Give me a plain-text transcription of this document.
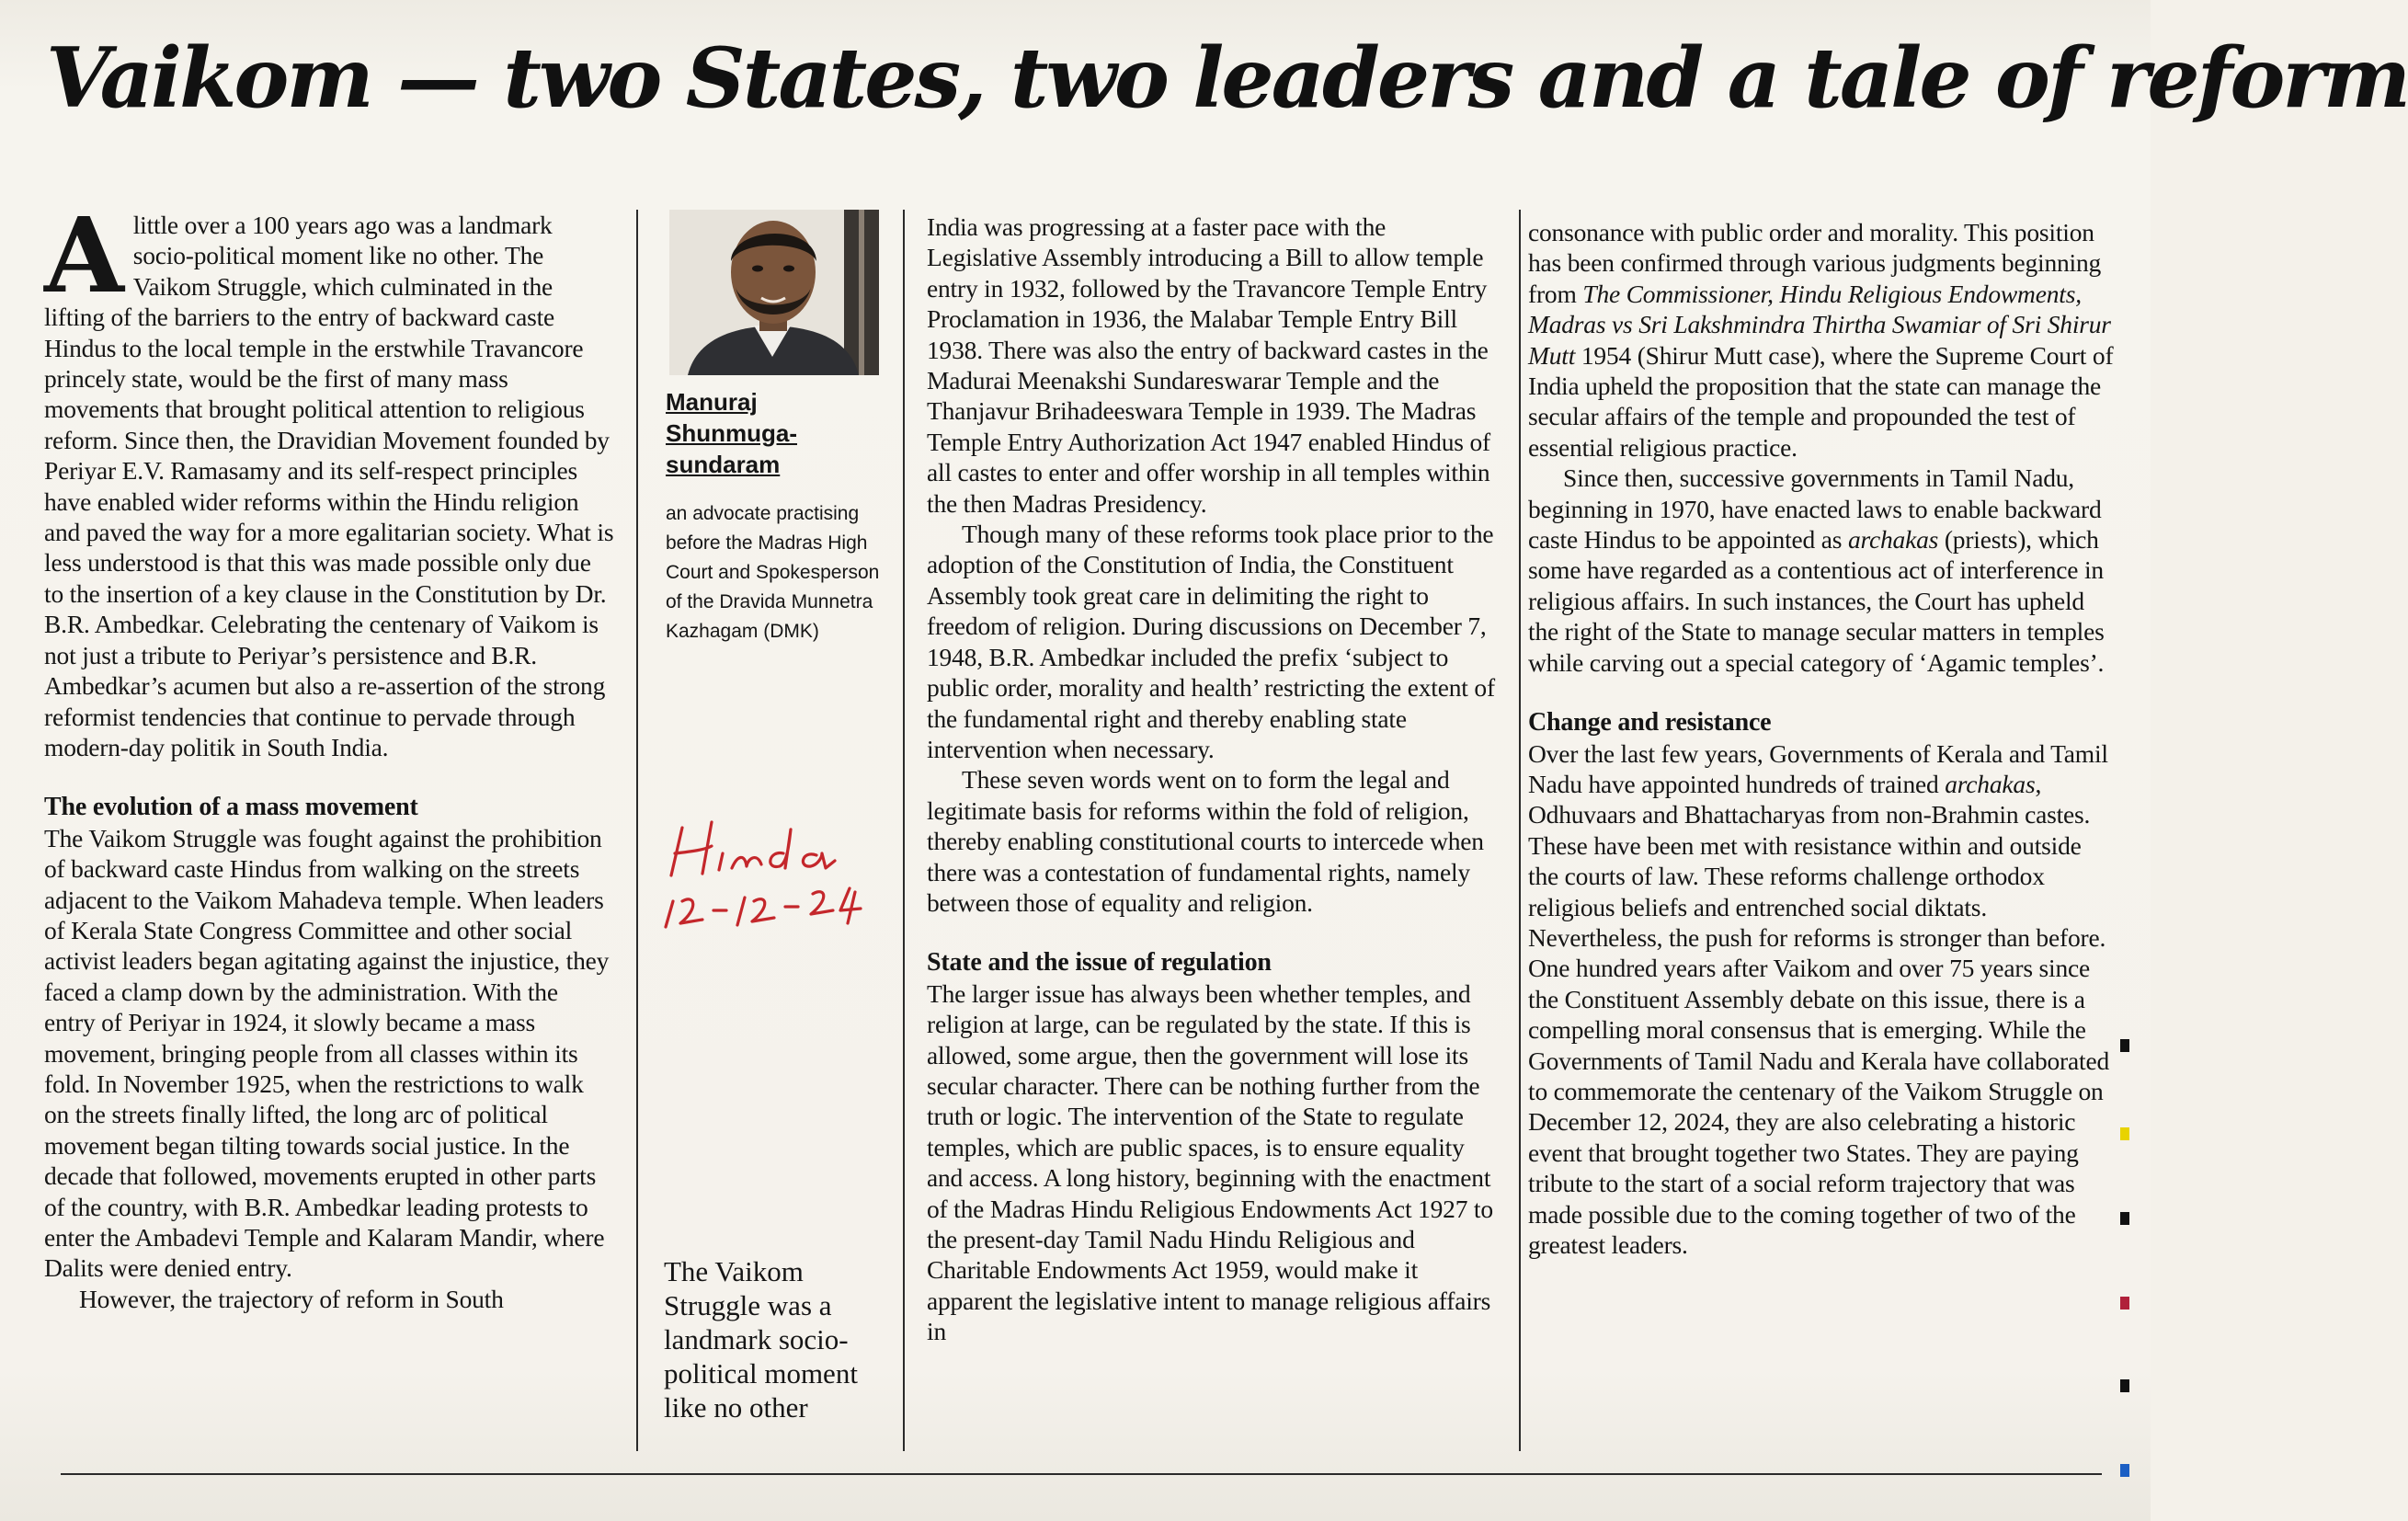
Vaikom — two States, two leaders and a tale of reform

Alittle over a 100 years ago was a landmark socio-political moment like no other. The Vaikom Struggle, which culminated in the lifting of the barriers to the entry of backward caste Hindus to the local temple in the erstwhile Travancore princely state, would be the first of many mass movements that brought political attention to religious reform. Since then, the Dravidian Movement founded by Periyar E.V. Ramasamy and its self-respect principles have enabled wider reforms within the Hindu religion and paved the way for a more egalitarian society. What is less understood is that this was made possible only due to the insertion of a key clause in the Constitution by Dr. B.R. Ambedkar. Celebrating the centenary of Vaikom is not just a tribute to Periyar’s persistence and B.R. Ambedkar’s acumen but also a re-assertion of the strong reformist tendencies that continue to pervade through modern-day politik in South India.

The evolution of a mass movement

The Vaikom Struggle was fought against the prohibition of backward caste Hindus from walking on the streets adjacent to the Vaikom Mahadeva temple. When leaders of Kerala State Congress Committee and other social activist leaders began agitating against the injustice, they faced a clamp down by the administration. With the entry of Periyar in 1924, it slowly became a mass movement, bringing people from all classes within its fold. In November 1925, when the restrictions to walk on the streets finally lifted, the long arc of political movement began tilting towards social justice. In the decade that followed, movements erupted in other parts of the country, with B.R. Ambedkar leading protests to enter the Ambadevi Temple and Kalaram Mandir, where Dalits were denied entry.

However, the trajectory of reform in South

Manuraj Shunmuga- sundaram
an advocate practising before the Madras High Court and Spokesperson of the Dravida Munnetra Kazhagam (DMK)
The Vaikom Struggle was a landmark socio-political moment like no other

India was progressing at a faster pace with the Legislative Assembly introducing a Bill to allow temple entry in 1932, followed by the Travancore Temple Entry Proclamation in 1936, the Malabar Temple Entry Bill 1938. There was also the entry of backward castes in the Madurai Meenakshi Sundareswarar Temple and the Thanjavur Brihadeeswara Temple in 1939. The Madras Temple Entry Authorization Act 1947 enabled Hindus of all castes to enter and offer worship in all temples within the then Madras Presidency.

Though many of these reforms took place prior to the adoption of the Constitution of India, the Constituent Assembly took great care in delimiting the right to freedom of religion. During discussions on December 7, 1948, B.R. Ambedkar included the prefix ‘subject to public order, morality and health’ restricting the extent of the fundamental right and thereby enabling state intervention when necessary.

These seven words went on to form the legal and legitimate basis for reforms within the fold of religion, thereby enabling constitutional courts to intercede when there was a contestation of fundamental rights, namely between those of equality and religion.

State and the issue of regulation

The larger issue has always been whether temples, and religion at large, can be regulated by the state. If this is allowed, some argue, then the government will lose its secular character. There can be nothing further from the truth or logic. The intervention of the State to regulate temples, which are public spaces, is to ensure equality and access. A long history, beginning with the enactment of the Madras Hindu Religious Endowments Act 1927 to the present-day Tamil Nadu Hindu Religious and Charitable Endowments Act 1959, would make it apparent the legislative intent to manage religious affairs in

consonance with public order and morality. This position has been confirmed through various judgments beginning from The Commissioner, Hindu Religious Endowments, Madras vs Sri Lakshmindra Thirtha Swamiar of Sri Shirur Mutt 1954 (Shirur Mutt case), where the Supreme Court of India upheld the proposition that the state can manage the secular affairs of the temple and propounded the test of essential religious practice.

Since then, successive governments in Tamil Nadu, beginning in 1970, have enacted laws to enable backward caste Hindus to be appointed as archakas (priests), which some have regarded as a contentious act of interference in religious affairs. In such instances, the Court has upheld the right of the State to manage secular matters in temples while carving out a special category of ‘Agamic temples’.

Change and resistance

Over the last few years, Governments of Kerala and Tamil Nadu have appointed hundreds of trained archakas, Odhuvaars and Bhattacharyas from non-Brahmin castes. These have been met with resistance within and outside the courts of law. These reforms challenge orthodox religious beliefs and entrenched social diktats.

Nevertheless, the push for reforms is stronger than before. One hundred years after Vaikom and over 75 years since the Constituent Assembly debate on this issue, there is a compelling moral consensus that is emerging. While the Governments of Tamil Nadu and Kerala have collaborated to commemorate the centenary of the Vaikom Struggle on December 12, 2024, they are also celebrating a historic event that brought together two States. They are paying tribute to the start of a social reform trajectory that was made possible due to the coming together of two of the greatest leaders.
